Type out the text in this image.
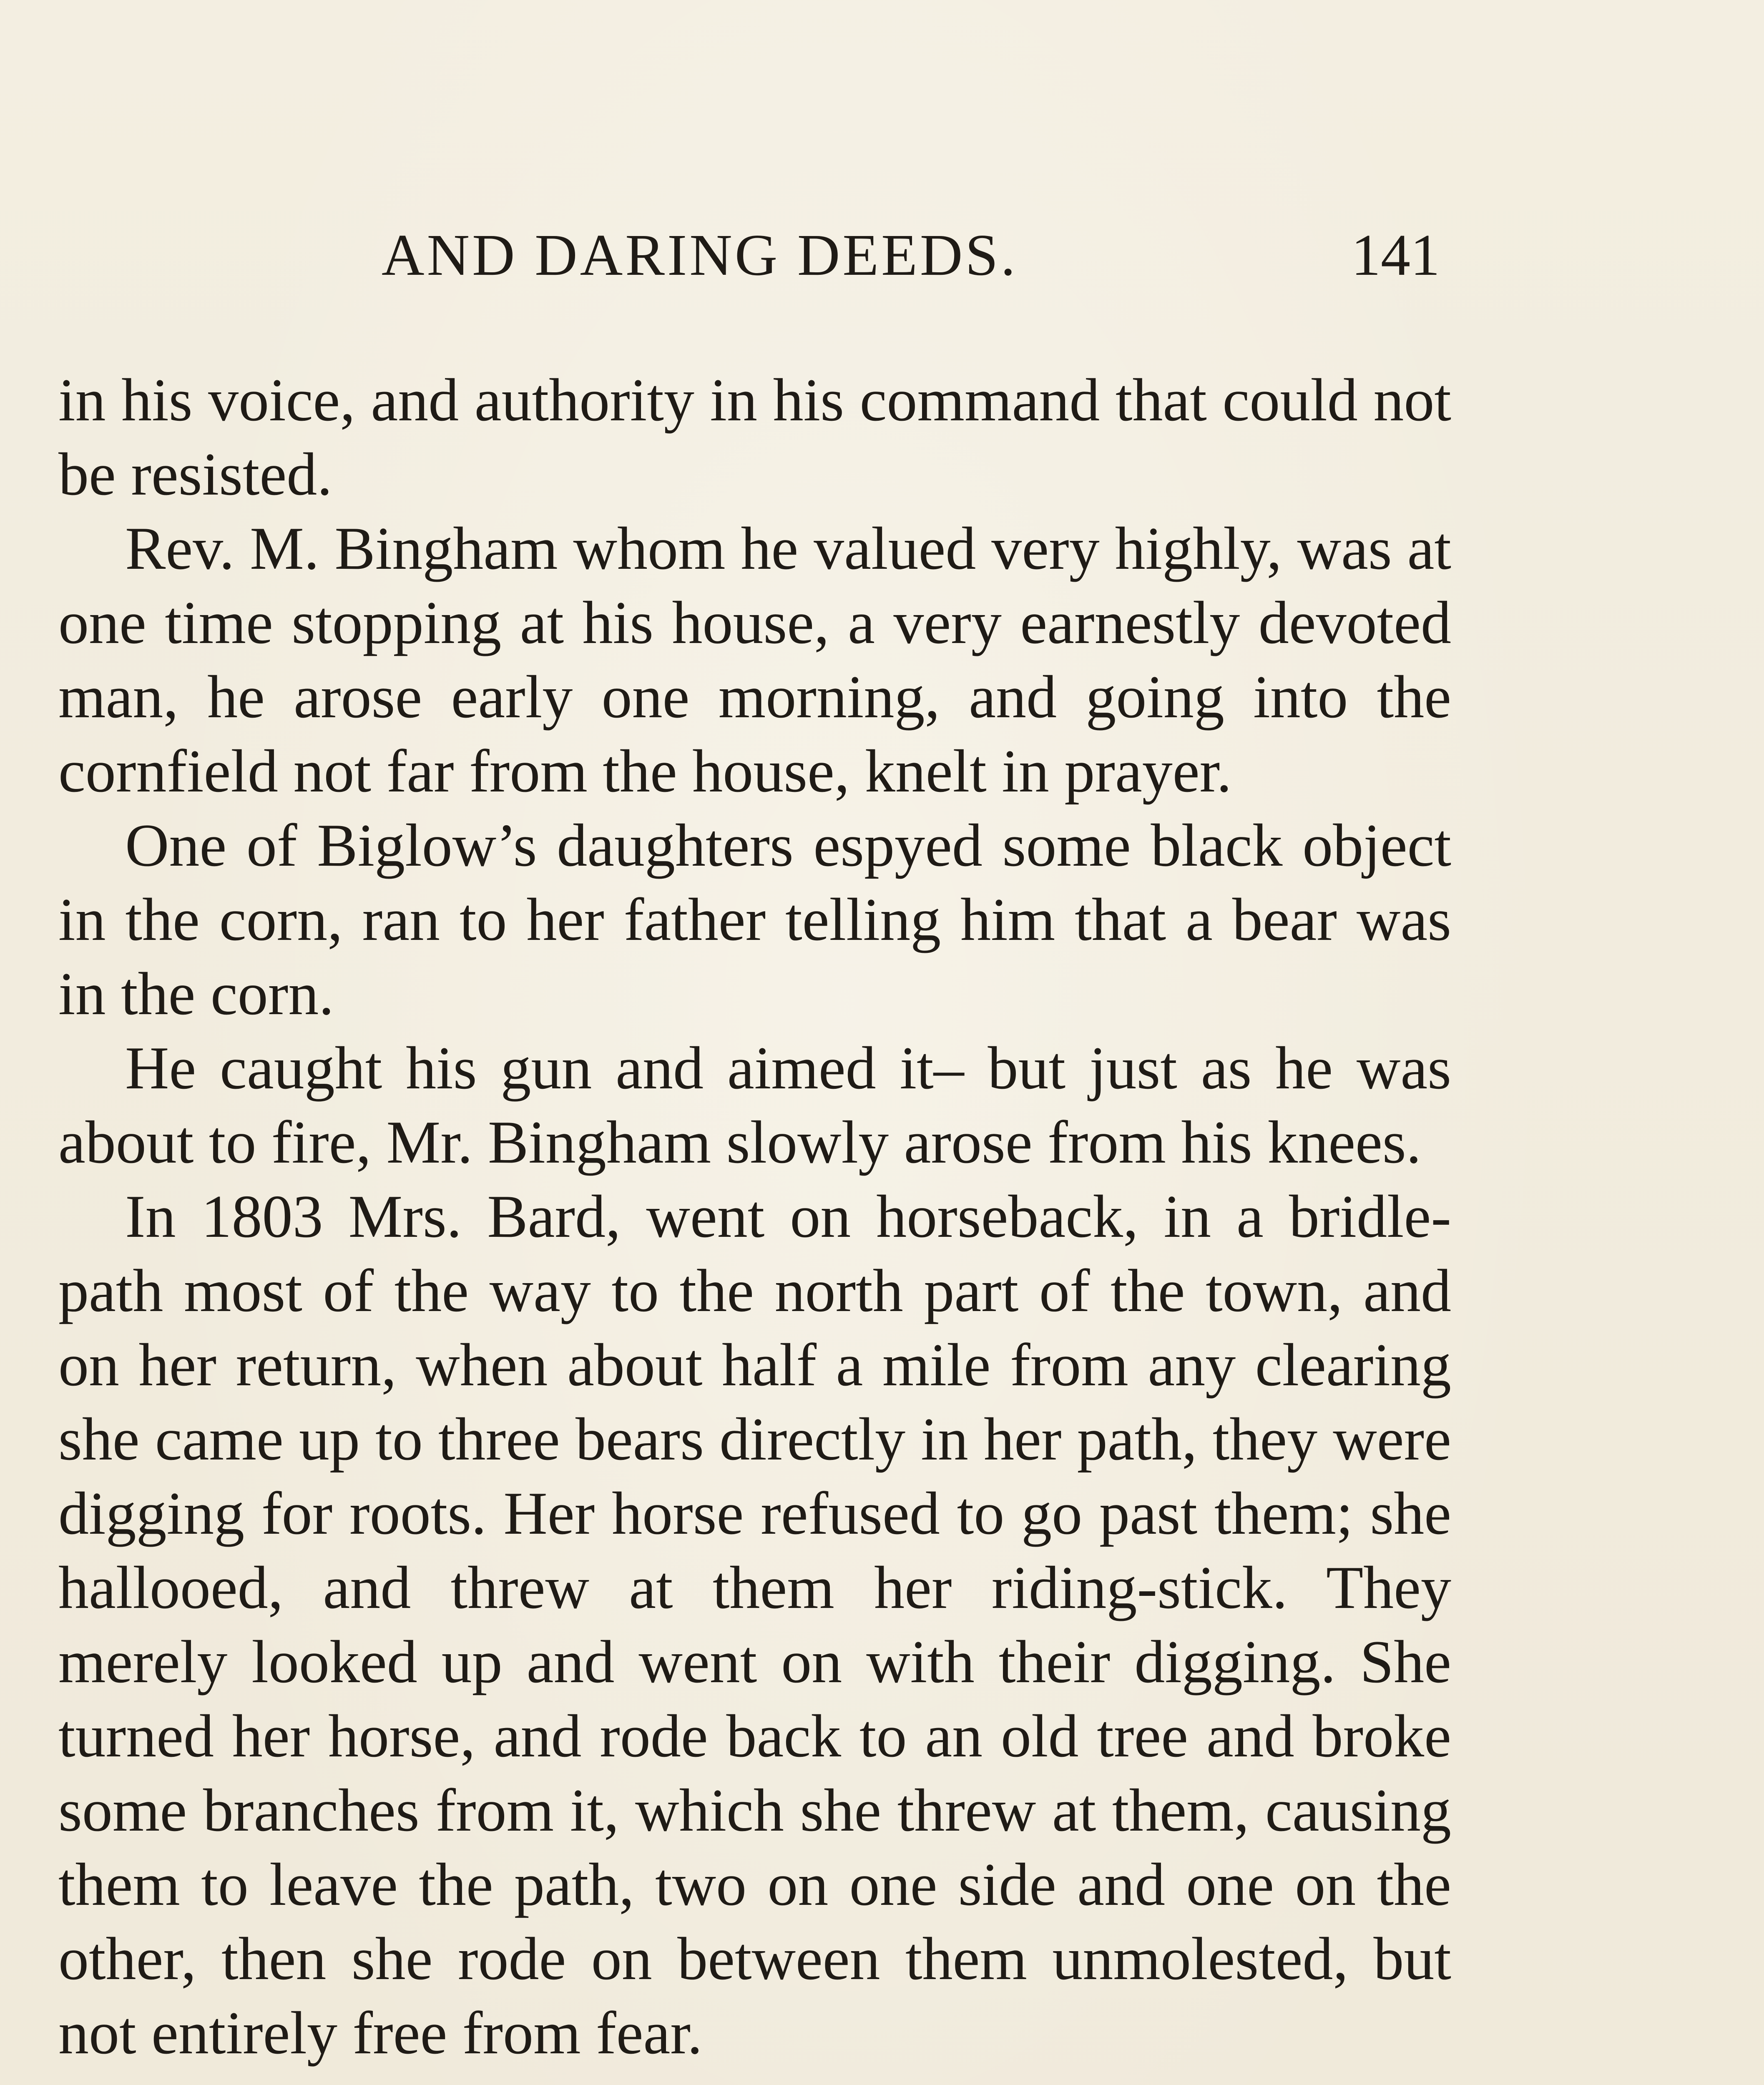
AND DARING DEEDS.	141

in his voice, and authority in his command that could not be resisted.

Rev. M. Bingham whom he valued very highly, was at one time stopping at his house, a very earnestly devoted man, he arose early one morning, and going into the cornfield not far from the house, knelt in prayer.

One of Biglow’s daughters espyed some black object in the corn, ran to her father telling him that a bear was in the corn.

He caught his gun and aimed it– but just as he was about to fire, Mr. Bingham slowly arose from his knees.

In 1803 Mrs. Bard, went on horseback, in a bridle-path most of the way to the north part of the town, and on her return, when about half a mile from any clearing she came up to three bears directly in her path, they were digging for roots. Her horse refused to go past them; she hallooed, and threw at them her riding-stick. They merely looked up and went on with their digging. She turned her horse, and rode back to an old tree and broke some branches from it, which she threw at them, causing them to leave the path, two on one side and one on the other, then she rode on between them unmolested, but not entirely free from fear.
